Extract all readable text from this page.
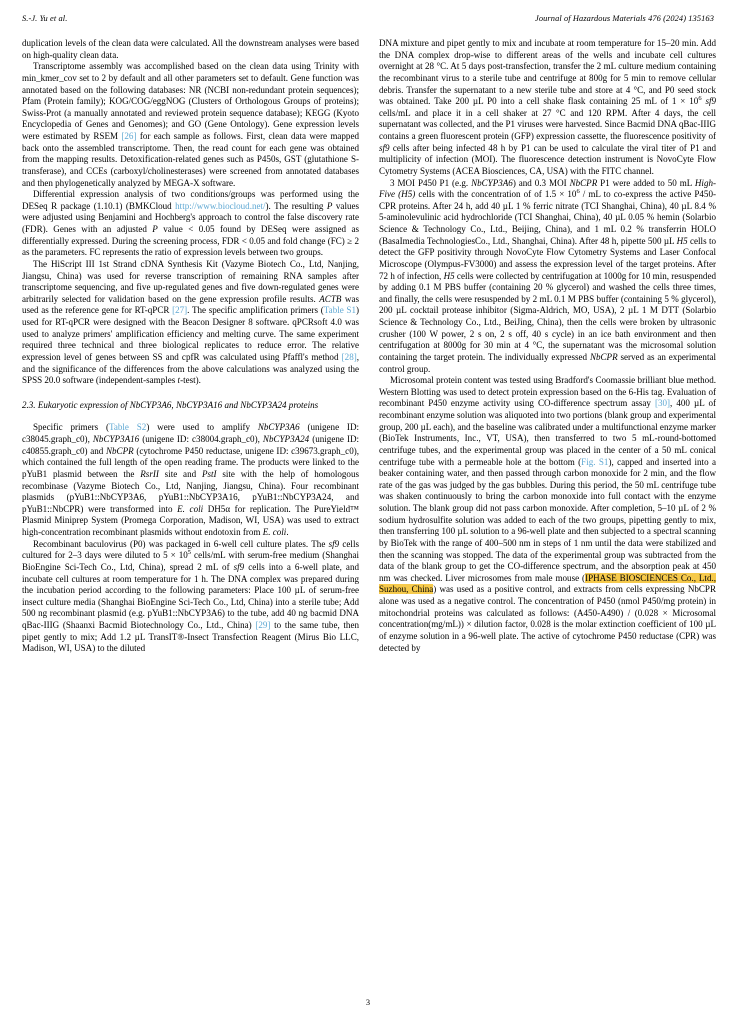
S.-J. Yu et al.	Journal of Hazardous Materials 476 (2024) 135163

duplication levels of the clean data were calculated. All the downstream analyses were based on high-quality clean data.

Transcriptome assembly was accomplished based on the clean data using Trinity with min_kmer_cov set to 2 by default and all other parameters set to default. Gene function was annotated based on the following databases: NR (NCBI non-redundant protein sequences); Pfam (Protein family); KOG/COG/eggNOG (Clusters of Orthologous Groups of proteins); Swiss-Prot (a manually annotated and reviewed protein sequence database); KEGG (Kyoto Encyclopedia of Genes and Genomes); and GO (Gene Ontology). Gene expression levels were estimated by RSEM [26] for each sample as follows. First, clean data were mapped back onto the assembled transcriptome. Then, the read count for each gene was obtained from the mapping results. Detoxification-related genes such as P450s, GST (glutathione S-transferase), and CCEs (carboxyl/cholinesterases) were screened from annotated databases and then phylogenetically analyzed by MEGA-X software.

Differential expression analysis of two conditions/groups was performed using the DESeq R package (1.10.1) (BMKCloud http://www.biocloud.net/). The resulting P values were adjusted using Benjamini and Hochberg's approach to control the false discovery rate (FDR). Genes with an adjusted P value < 0.05 found by DESeq were assigned as differentially expressed. During the screening process, FDR < 0.05 and fold change (FC) ≥ 2 as the parameters. FC represents the ratio of expression levels between two groups.

The HiScript III 1st Strand cDNA Synthesis Kit (Vazyme Biotech Co., Ltd, Nanjing, Jiangsu, China) was used for reverse transcription of remaining RNA samples after transcriptome sequencing, and five up-regulated genes and five down-regulated genes were arbitrarily selected for validation based on the gene expression profile results. ACTB was used as the reference gene for RT-qPCR [27]. The specific amplification primers (Table S1) used for RT-qPCR were designed with the Beacon Designer 8 software. qPCRsoft 4.0 was used to analyze primers' amplification efficiency and melting curve. The same experiment required three technical and three biological replicates to reduce error. The relative expression level of genes between SS and cpfR was calculated using Pfaffl's method [28], and the significance of the differences from the above calculations was analyzed using the SPSS 20.0 software (independent-samples t-test).

2.3. Eukaryotic expression of NbCYP3A6, NbCYP3A16 and NbCYP3A24 proteins

Specific primers (Table S2) were used to amplify NbCYP3A6 (unigene ID: c38045.graph_c0), NbCYP3A16 (unigene ID: c38004.graph_c0), NbCYP3A24 (unigene ID: c40855.graph_c0) and NbCPR (cytochrome P450 reductase, unigene ID: c39673.graph_c0), which contained the full length of the open reading frame. The products were linked to the pYuB1 plasmid between the RsrII site and PstI site with the help of homologous recombinase (Vazyme Biotech Co., Ltd, Nanjing, Jiangsu, China). Four recombinant plasmids (pYuB1::NbCYP3A6, pYuB1::NbCYP3A16, pYuB1::NbCYP3A24, and pYuB1::NbCPR) were transformed into E. coli DH5α for replication. The PureYield™ Plasmid Miniprep System (Promega Corporation, Madison, WI, USA) was used to extract high-concentration recombinant plasmids without endotoxin from E. coli.

Recombinant baculovirus (P0) was packaged in 6-well cell culture plates. The sf9 cells cultured for 2–3 days were diluted to $5 \times 10^5$ cells/mL with serum-free medium (Shanghai BioEngine Sci-Tech Co., Ltd, China), spread 2 mL of sf9 cells into a 6-well plate, and incubate cell cultures at room temperature for 1 h. The DNA complex was prepared during the incubation period according to the following parameters: Place 100 µL of serum-free insect culture media (Shanghai BioEngine Sci-Tech Co., Ltd, China) into a sterile tube; Add 500 ng recombinant plasmid (e.g. pYuB1::NbCYP3A6) to the tube, add 40 ng bacmid DNA qBac-IIIG (Shaanxi Bacmid Biotechnology Co., Ltd., China) [29] to the same tube, then pipet gently to mix; Add 1.2 µL TransIT®-Insect Transfection Reagent (Mirus Bio LLC, Madison, WI, USA) to the diluted

DNA mixture and pipet gently to mix and incubate at room temperature for 15–20 min. Add the DNA complex drop-wise to different areas of the wells and incubate cell cultures overnight at 28 °C. At 5 days post-transfection, transfer the 2 mL culture medium containing the recombinant virus to a sterile tube and centrifuge at 800g for 5 min to remove cellular debris. Transfer the supernatant to a new sterile tube and store at 4 °C, and P0 seed stock was obtained. Take 200 µL P0 into a cell shake flask containing 25 mL of $1 \times 10^6$ sf9 cells/mL and place it in a cell shaker at 27 °C and 120 RPM. After 4 days, the cell supernatant was collected, and the P1 viruses were harvested. Since Bacmid DNA qBac-IIIG contains a green fluorescent protein (GFP) expression cassette, the fluorescence positivity of sf9 cells after being infected 48 h by P1 can be used to calculate the viral titer of P1 and multiplicity of infection (MOI). The fluorescence detection instrument is NovoCyte Flow Cytometry Systems (ACEA Biosciences, CA, USA) with the FITC channel.

3 MOI P450 P1 (e.g. NbCYP3A6) and 0.3 MOI NbCPR P1 were added to 50 mL High-Five (H5) cells with the concentration of of $1.5 \times 10^6$ / mL to co-express the active P450-CPR proteins. After 24 h, add 40 µL 1 % ferric nitrate (TCI Shanghai, China), 40 µL 8.4 % 5-aminolevulinic acid hydrochloride (TCI Shanghai, China), 40 µL 0.05 % hemin (Solarbio Science & Technology Co., Ltd., Beijing, China), and 1 mL 0.2 % transferrin HOLO (BasaImedia TechnologiesCo., Ltd., Shanghai, China). After 48 h, pipette 500 µL H5 cells to detect the GFP positivity through NovoCyte Flow Cytometry Systems and Laser Confocal Microscope (Olympus-FV3000) and assess the expression level of the target proteins. After 72 h of infection, H5 cells were collected by centrifugation at 1000g for 10 min, resuspended by adding 0.1 M PBS buffer (containing 20 % glycerol) and washed the cells three times, and finally, the cells were resuspended by 2 mL 0.1 M PBS buffer (containing 5 % glycerol), 200 µL cocktail protease inhibitor (Sigma-Aldrich, MO, USA), 2 µL 1 M DTT (Solarbio Science & Technology Co., Ltd., BeiJing, China), then the cells were broken by ultrasonic crusher (100 W power, 2 s on, 2 s off, 40 s cycle) in an ice bath environment and then centrifugation at 8000g for 30 min at 4 °C, the supernatant was the microsomal solution containing the target protein. The individually expressed NbCPR served as an experimental control group.

Microsomal protein content was tested using Bradford's Coomassie brilliant blue method. Western Blotting was used to detect protein expression based on the 6-His tag. Evaluation of recombinant P450 enzyme activity using CO-difference spectrum assay [30], 400 µL of recombinant enzyme solution was aliquoted into two portions (blank group and experimental group, 200 µL each), and the baseline was calibrated under a multifunctional enzyme marker (BioTek Instruments, Inc., VT, USA), then transferred to two 5 mL-round-bottomed centrifuge tubes, and the experimental group was placed in the center of a 50 mL conical centrifuge tube with a permeable hole at the bottom (Fig. S1), capped and inserted into a beaker containing water, and then passed through carbon monoxide for 2 min, and the flow rate of the gas was judged by the gas bubbles. During this period, the 50 mL centrifuge tube was shaken continuously to bring the carbon monoxide into full contact with the enzyme solution. The blank group did not pass carbon monoxide. After completion, 5–10 µL of 2 % sodium hydrosulfite solution was added to each of the two groups, pipetting gently to mix, then transferring 100 µL solution to a 96-well plate and then subjected to a spectral scanning by BioTek with the range of 400–500 nm in steps of 1 nm until the data were stabilized and then the scanning was stopped. The data of the experimental group was subtracted from the data of the blank group to get the CO-difference spectrum, and the absorption peak at 450 nm was checked. Liver microsomes from male mouse (IPHASE BIOSCIENCES Co., Ltd., Suzhou, China) was used as a positive control, and extracts from cells expressing NbCPR alone was used as a negative control. The concentration of P450 (nmol P450/mg protein) in mitochondrial proteins was calculated as follows: (A450-A490) / (0.028 × Microsomal concentration(mg/mL)) × dilution factor, 0.028 is the molar extinction coefficient of 100 µL of enzyme solution in a 96-well plate. The active of cytochrome P450 reductase (CPR) was detected by

3
